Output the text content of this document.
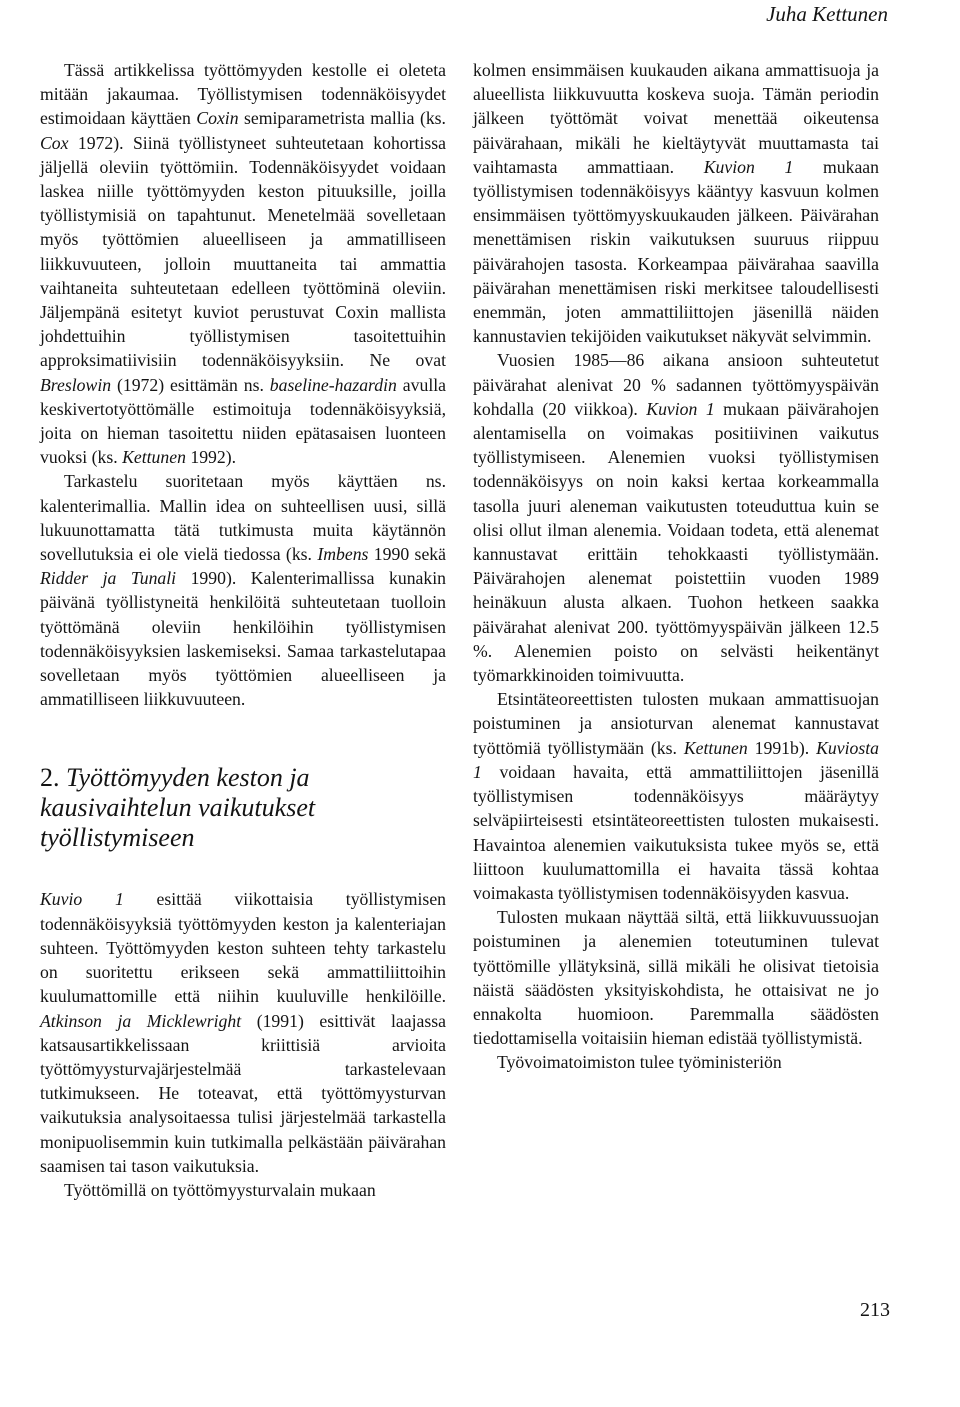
Juha Kettunen

Tässä artikkelissa työttömyyden kestolle ei oleteta mitään jakaumaa. Työllistymisen todennäköisyydet estimoidaan käyttäen Coxin semiparametrista mallia (ks. Cox 1972). Siinä työllistyneet suhteutetaan kohortissa jäljellä oleviin työttömiin. Todennäköisyydet voidaan laskea niille työttömyyden keston pituuksille, joilla työllistymisiä on tapahtunut. Menetelmää sovelletaan myös työttömien alueelliseen ja ammatilliseen liikkuvuuteen, jolloin muuttaneita tai ammattia vaihtaneita suhteutetaan edelleen työttöminä oleviin. Jäljempänä esitetyt kuviot perustuvat Coxin mallista johdettuihin työllistymisen tasoitettuihin approksimatiivisiin todennäköisyyksiin. Ne ovat Breslowin (1972) esittämän ns. baseline-hazardin avulla keskivertotyöttömälle estimoituja todennäköisyyksiä, joita on hieman tasoitettu niiden epätasaisen luonteen vuoksi (ks. Kettunen 1992).

Tarkastelu suoritetaan myös käyttäen ns. kalenterimallia. Mallin idea on suhteellisen uusi, sillä lukuunottamatta tätä tutkimusta muita käytännön sovellutuksia ei ole vielä tiedossa (ks. Imbens 1990 sekä Ridder ja Tunali 1990). Kalenterimallissa kunakin päivänä työllistyneitä henkilöitä suhteutetaan tuolloin työttömänä oleviin henkilöihin työllistymisen todennäköisyyksien laskemiseksi. Samaa tarkastelutapaa sovelletaan myös työttömien alueelliseen ja ammatilliseen liikkuvuuteen.

2. Työttömyyden keston ja kausivaihtelun vaikutukset työllistymiseen

Kuvio 1 esittää viikottaisia työllistymisen todennäköisyyksiä työttömyyden keston ja kalenteriajan suhteen. Työttömyyden keston suhteen tehty tarkastelu on suoritettu erikseen sekä ammattiliittoihin kuulumattomille että niihin kuuluville henkilöille. Atkinson ja Micklewright (1991) esittivät laajassa katsausartikkelissaan kriittisiä arvioita työttömyysturvajärjestelmää tarkastelevaan tutkimukseen. He toteavat, että työttömyysturvan vaikutuksia analysoitaessa tulisi järjestelmää tarkastella monipuolisemmin kuin tutkimalla pelkästään päivärahan saamisen tai tason vaikutuksia.

Työttömillä on työttömyysturvalain mukaan

kolmen ensimmäisen kuukauden aikana ammattisuoja ja alueellista liikkuvuutta koskeva suoja. Tämän periodin jälkeen työttömät voivat menettää oikeutensa päivärahaan, mikäli he kieltäytyvät muuttamasta tai vaihtamasta ammattiaan. Kuvion 1 mukaan työllistymisen todennäköisyys kääntyy kasvuun kolmen ensimmäisen työttömyyskuukauden jälkeen. Päivärahan menettämisen riskin vaikutuksen suuruus riippuu päivärahojen tasosta. Korkeampaa päivärahaa saavilla päivärahan menettämisen riski merkitsee taloudellisesti enemmän, joten ammattiliittojen jäsenillä näiden kannustavien tekijöiden vaikutukset näkyvät selvimmin.

Vuosien 1985—86 aikana ansioon suhteutetut päivärahat alenivat 20 % sadannen työttömyyspäivän kohdalla (20 viikkoa). Kuvion 1 mukaan päivärahojen alentamisella on voimakas positiivinen vaikutus työllistymiseen. Alenemien vuoksi työllistymisen todennäköisyys on noin kaksi kertaa korkeammalla tasolla juuri aleneman vaikutusten toteuduttua kuin se olisi ollut ilman alenemia. Voidaan todeta, että alenemat kannustavat erittäin tehokkaasti työllistymään. Päivärahojen alenemat poistettiin vuoden 1989 heinäkuun alusta alkaen. Tuohon hetkeen saakka päivärahat alenivat 200. työttömyyspäivän jälkeen 12.5 %. Alenemien poisto on selvästi heikentänyt työmarkkinoiden toimivuutta.

Etsintäteoreettisten tulosten mukaan ammattisuojan poistuminen ja ansioturvan alenemat kannustavat työttömiä työllistymään (ks. Kettunen 1991b). Kuviosta 1 voidaan havaita, että ammattiliittojen jäsenillä työllistymisen todennäköisyys määräytyy selväpiirteisesti etsintäteoreettisten tulosten mukaisesti. Havaintoa alenemien vaikutuksista tukee myös se, että liittoon kuulumattomilla ei havaita tässä kohtaa voimakasta työllistymisen todennäköisyyden kasvua.

Tulosten mukaan näyttää siltä, että liikkuvuussuojan poistuminen ja alenemien toteutuminen tulevat työttömille yllätyksinä, sillä mikäli he olisivat tietoisia näistä säädösten yksityiskohdista, he ottaisivat ne jo ennakolta huomioon. Paremmalla säädösten tiedottamisella voitaisiin hieman edistää työllistymistä.

Työvoimatoimiston tulee työministeriön

213
